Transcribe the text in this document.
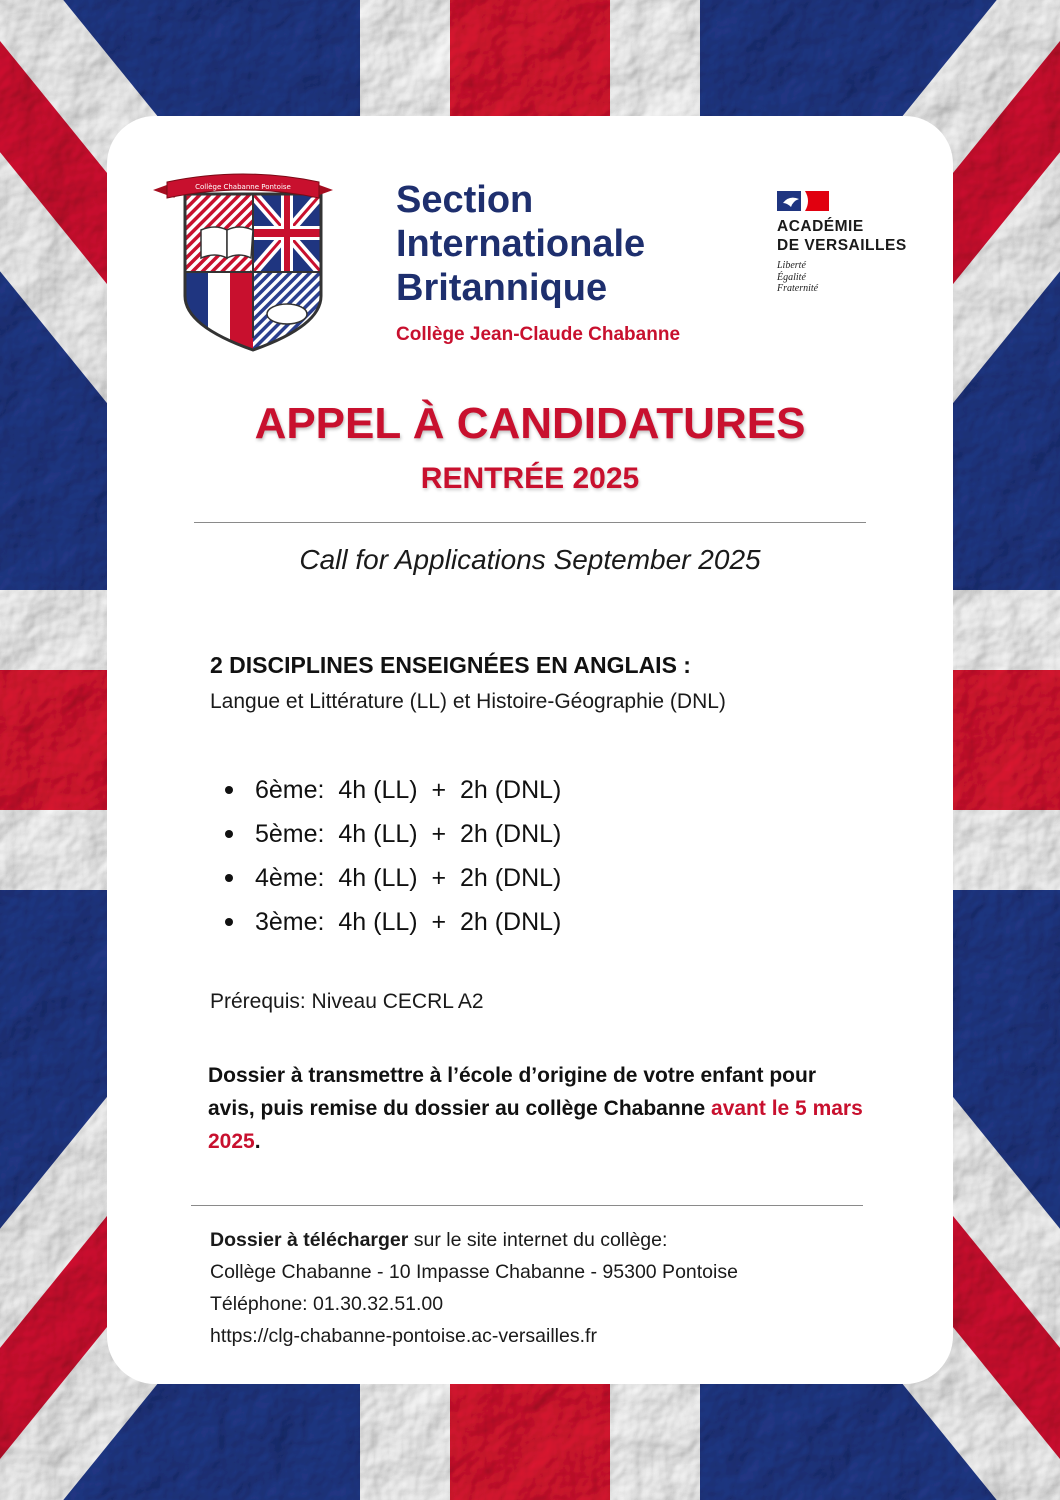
Collège Chabanne Pontoise	Section
Internationale
Britannique
Collège Jean-Claude Chabanne
ACADÉMIE
DE VERSAILLES
Liberté
Égalité
Fraternité
APPEL À CANDIDATURES
RENTRÉE 2025
Call for Applications September 2025
2 DISCIPLINES ENSEIGNÉES EN ANGLAIS :
Langue et Littérature (LL) et Histoire-Géographie (DNL)
6ème:  4h (LL)  +  2h (DNL)
5ème:  4h (LL)  +  2h (DNL)
4ème:  4h (LL)  +  2h (DNL)
3ème:  4h (LL)  +  2h (DNL)
Prérequis: Niveau CECRL A2
Dossier à transmettre à l’école d’origine de votre enfant pour avis, puis remise du dossier au collège Chabanne avant le 5 mars 2025.
Dossier à télécharger sur le site internet du collège:
Collège Chabanne - 10 Impasse Chabanne - 95300 Pontoise
Téléphone: 01.30.32.51.00
https://clg-chabanne-pontoise.ac-versailles.fr
